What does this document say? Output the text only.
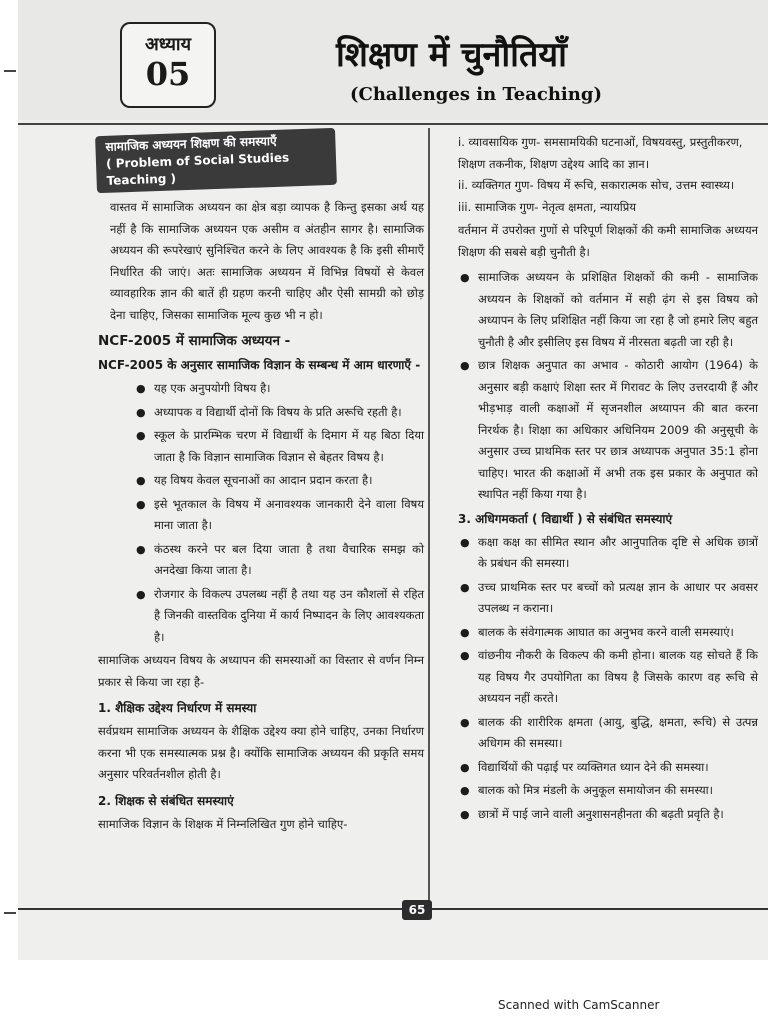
अध्याय
05	शिक्षण में चुनौतियाँ
(Challenges in Teaching)
सामाजिक अध्ययन शिक्षण की समस्याएँ
( Problem of Social Studies Teaching )
वास्तव में सामाजिक अध्ययन का क्षेत्र बड़ा व्यापक है किन्तु इसका अर्थ यह नहीं है कि सामाजिक अध्ययन एक असीम व अंतहीन सागर है। सामाजिक अध्ययन की रूपरेखाएं सुनिश्चित करने के लिए आवश्यक है कि इसी सीमाएँ निर्धारित की जाएं। अतः सामाजिक अध्ययन में विभिन्न विषयों से केवल व्यावहारिक ज्ञान की बातें ही ग्रहण करनी चाहिए और ऐसी सामग्री को छोड़ देना चाहिए, जिसका सामाजिक मूल्य कुछ भी न हो।
NCF-2005 में सामाजिक अध्ययन -
NCF-2005 के अनुसार सामाजिक विज्ञान के सम्बन्ध में आम धारणाएँ -
● यह एक अनुपयोगी विषय है।
● अध्यापक व विद्यार्थी दोनों कि विषय के प्रति अरूचि रहती है।
● स्कूल के प्रारम्भिक चरण में विद्यार्थी के दिमाग में यह बिठा दिया जाता है कि विज्ञान सामाजिक विज्ञान से बेहतर विषय है।
● यह विषय केवल सूचनाओं का आदान प्रदान करता है।
● इसे भूतकाल के विषय में अनावश्यक जानकारी देने वाला विषय माना जाता है।
● कंठस्थ करने पर बल दिया जाता है तथा वैचारिक समझ को अनदेखा किया जाता है।
● रोजगार के विकल्प उपलब्ध नहीं है तथा यह उन कौशलों से रहित है जिनकी वास्तविक दुनिया में कार्य निष्पादन के लिए आवश्यकता है।
सामाजिक अध्ययन विषय के अध्यापन की समस्याओं का विस्तार से वर्णन निम्न प्रकार से किया जा रहा है-
1. शैक्षिक उद्देश्य निर्धारण में समस्या
सर्वप्रथम सामाजिक अध्ययन के शैक्षिक उद्देश्य क्या होने चाहिए, उनका निर्धारण करना भी एक समस्यात्मक प्रश्न है। क्योंकि सामाजिक अध्ययन की प्रकृति समय अनुसार परिवर्तनशील होती है।
2. शिक्षक से संबंधित समस्याएं
सामाजिक विज्ञान के शिक्षक में निम्नलिखित गुण होने चाहिए-

i. व्यावसायिक गुण- समसामयिकी घटनाओं, विषयवस्तु, प्रस्तुतीकरण, शिक्षण तकनीक, शिक्षण उद्देश्य आदि का ज्ञान।

ii. व्यक्तिगत गुण- विषय में रूचि, सकारात्मक सोच, उत्तम स्वास्थ्य।

iii. सामाजिक गुण- नेतृत्व क्षमता, न्यायप्रिय

वर्तमान में उपरोक्त गुणों से परिपूर्ण शिक्षकों की कमी सामाजिक अध्ययन शिक्षण की सबसे बड़ी चुनौती है।
● सामाजिक अध्ययन के प्रशिक्षित शिक्षकों की कमी - सामाजिक अध्ययन के शिक्षकों को वर्तमान में सही ढ़ंग से इस विषय को अध्यापन के लिए प्रशिक्षित नहीं किया जा रहा है जो हमारे लिए बहुत चुनौती है और इसीलिए इस विषय में नीरसता बढ़ती जा रही है।
● छात्र शिक्षक अनुपात का अभाव - कोठारी आयोग (1964) के अनुसार बड़ी कक्षाएं शिक्षा स्तर में गिरावट के लिए उत्तरदायी हैं और भीड़भाड़ वाली कक्षाओं में सृजनशील अध्यापन की बात करना निरर्थक है। शिक्षा का अधिकार अधिनियम 2009 की अनुसूची के अनुसार उच्च प्राथमिक स्तर पर छात्र अध्यापक अनुपात 35:1 होना चाहिए। भारत की कक्षाओं में अभी तक इस प्रकार के अनुपात को स्थापित नहीं किया गया है।
3. अधिगमकर्ता ( विद्यार्थी ) से संबंधित समस्याएं
● कक्षा कक्ष का सीमित स्थान और आनुपातिक दृष्टि से अधिक छात्रों के प्रबंधन की समस्या।
● उच्च प्राथमिक स्तर पर बच्चों को प्रत्यक्ष ज्ञान के आधार पर अवसर उपलब्ध न कराना।
● बालक के संवेगात्मक आघात का अनुभव करने वाली समस्याएं।
● वांछनीय नौकरी के विकल्प की कमी होना। बालक यह सोचते हैं कि यह विषय गैर उपयोगिता का विषय है जिसके कारण वह रूचि से अध्ययन नहीं करते।
● बालक की शारीरिक क्षमता (आयु, बुद्धि, क्षमता, रूचि) से उत्पन्न अधिगम की समस्या।
● विद्यार्थियों की पढ़ाई पर व्यक्तिगत ध्यान देने की समस्या।
● बालक को मित्र मंडली के अनुकूल समायोजन की समस्या।
● छात्रों में पाई जाने वाली अनुशासनहीनता की बढ़ती प्रवृति है।
65
Scanned with CamScanner
